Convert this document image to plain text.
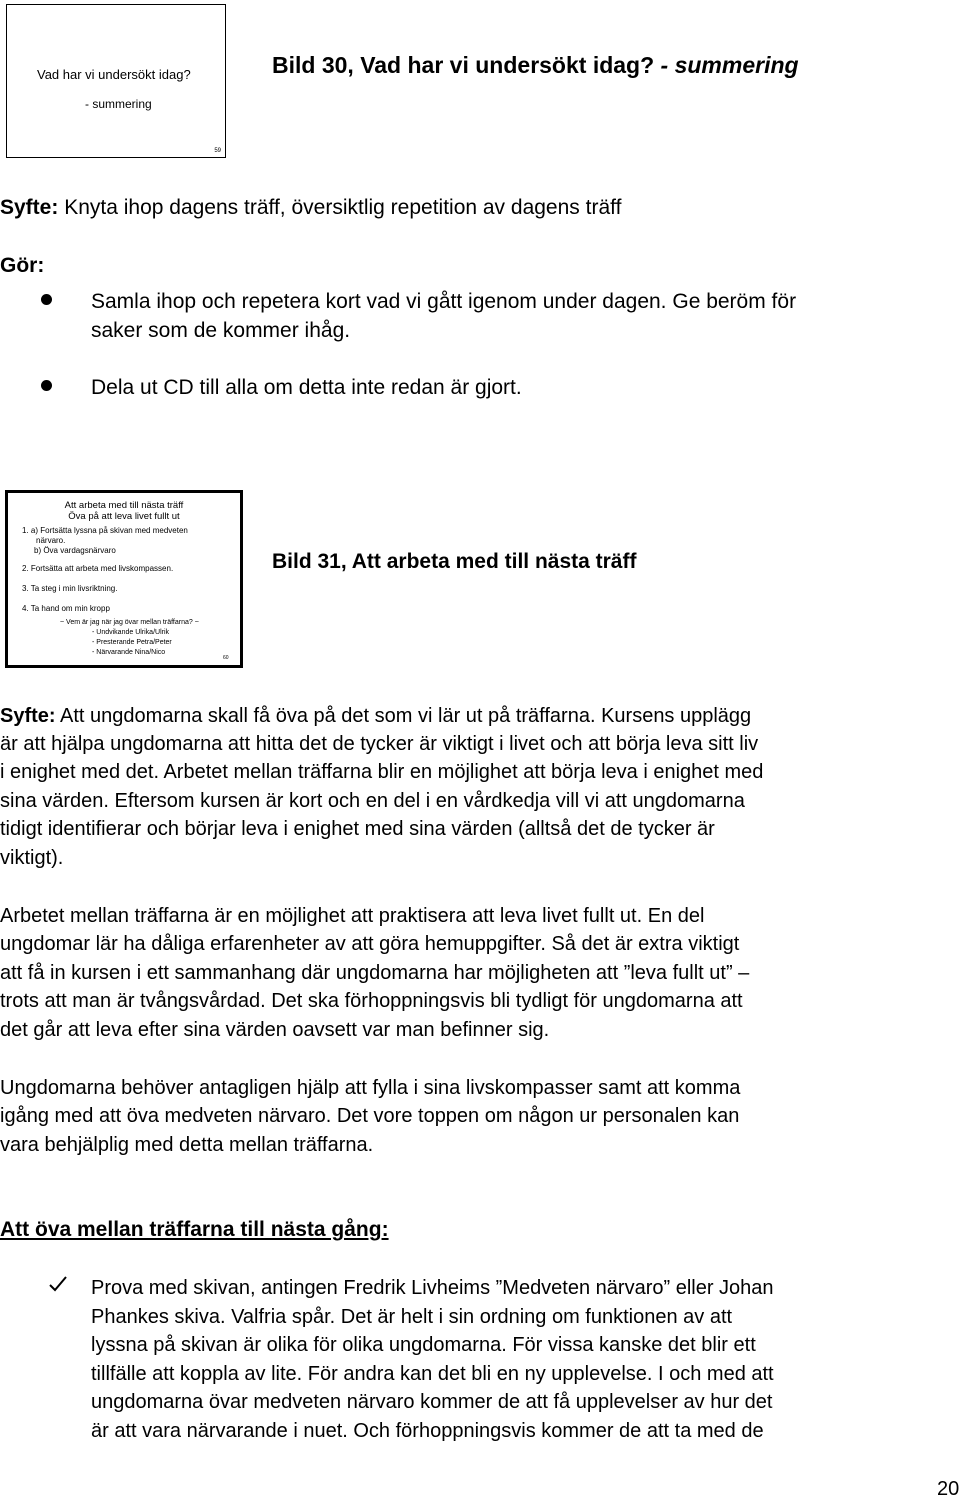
Vad har vi undersökt idag?
- summering
59
Bild 30, Vad har vi undersökt idag? - summering
Syfte: Knyta ihop dagens träff, översiktlig repetition av dagens träff
Gör:
Samla ihop och repetera kort vad vi gått igenom under dagen. Ge beröm för
saker som de kommer ihåg.
Dela ut CD till alla om detta inte redan är gjort.
Att arbeta med till nästa träff
Öva på att leva livet fullt ut
1. a) Fortsätta lyssna på skivan med medveten
närvaro.
b) Öva vardagsnärvaro
2. Fortsätta att arbeta med livskompassen.
3. Ta steg i min livsriktning.
4. Ta hand om min kropp
~ Vem är jag när jag övar mellan träffarna? ~
- Undvikande Ulrika/Ulrik
- Presterande Petra/Peter
- Närvarande Nina/Nico
60
Bild 31, Att arbeta med till nästa träff
Syfte: Att ungdomarna skall få öva på det som vi lär ut på träffarna. Kursens upplägg
är att hjälpa ungdomarna att hitta det de tycker är viktigt i livet och att börja leva sitt liv
i enighet med det. Arbetet mellan träffarna blir en möjlighet att börja leva i enighet med
sina värden. Eftersom kursen är kort och en del i en vårdkedja vill vi att ungdomarna
tidigt identifierar och börjar leva i enighet med sina värden (alltså det de tycker är
viktigt).
Arbetet mellan träffarna är en möjlighet att praktisera att leva livet fullt ut. En del
ungdomar lär ha dåliga erfarenheter av att göra hemuppgifter. Så det är extra viktigt
att få in kursen i ett sammanhang där ungdomarna har möjligheten att ”leva fullt ut” –
trots att man är tvångsvårdad. Det ska förhoppningsvis bli tydligt för ungdomarna att
det går att leva efter sina värden oavsett var man befinner sig.
Ungdomarna behöver antagligen hjälp att fylla i sina livskompasser samt att komma
igång med att öva medveten närvaro. Det vore toppen om någon ur personalen kan
vara behjälplig med detta mellan träffarna.
Att öva mellan träffarna till nästa gång:
Prova med skivan, antingen Fredrik Livheims ”Medveten närvaro” eller Johan
Phankes skiva. Valfria spår. Det är helt i sin ordning om funktionen av att
lyssna på skivan är olika för olika ungdomarna. För vissa kanske det blir ett
tillfälle att koppla av lite. För andra kan det bli en ny upplevelse. I och med att
ungdomarna övar medveten närvaro kommer de att få upplevelser av hur det
är att vara närvarande i nuet. Och förhoppningsvis kommer de att ta med de
20
